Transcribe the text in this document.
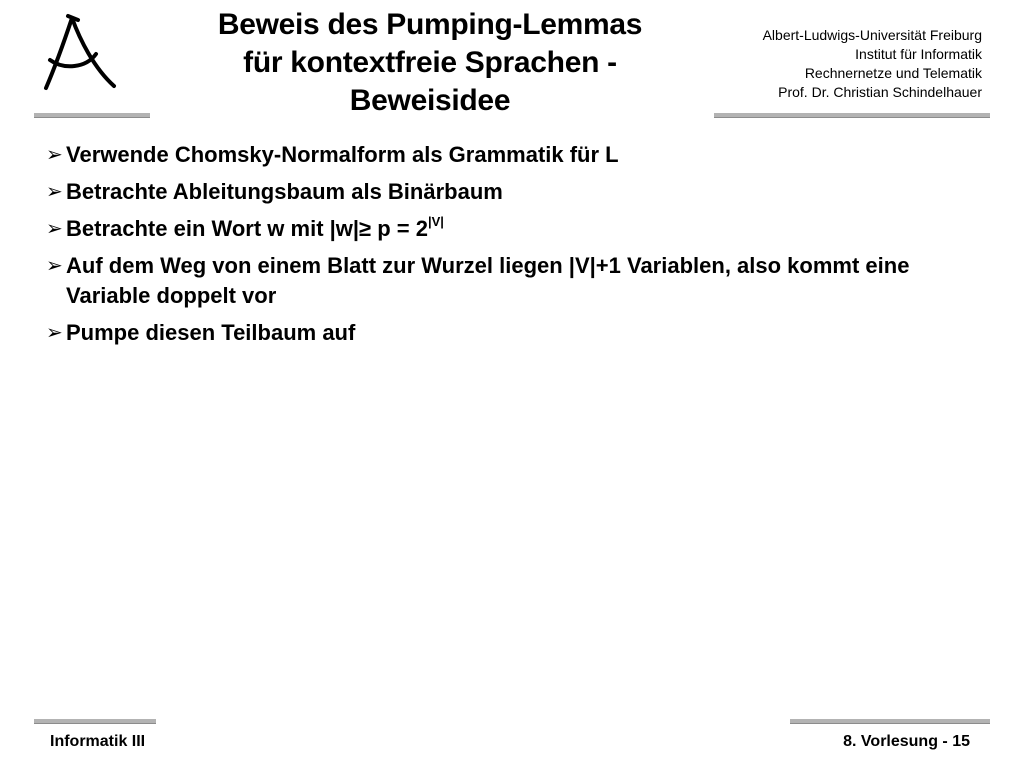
Beweis des Pumping-Lemmas
für kontextfreie Sprachen -
Beweisidee
Albert-Ludwigs-Universität Freiburg
Institut für Informatik
Rechnernetze und Telematik
Prof. Dr. Christian Schindelhauer
➢ Verwende Chomsky-Normalform als Grammatik für L
➢ Betrachte Ableitungsbaum als Binärbaum
➢ Betrachte ein Wort w mit $|w|\ge p = 2^{|V|}$
➢ Auf dem Weg von einem Blatt zur Wurzel liegen |V|+1 Variablen, also kommt eine Variable doppelt vor
➢ Pumpe diesen Teilbaum auf
Informatik III	8. Vorlesung - 15
